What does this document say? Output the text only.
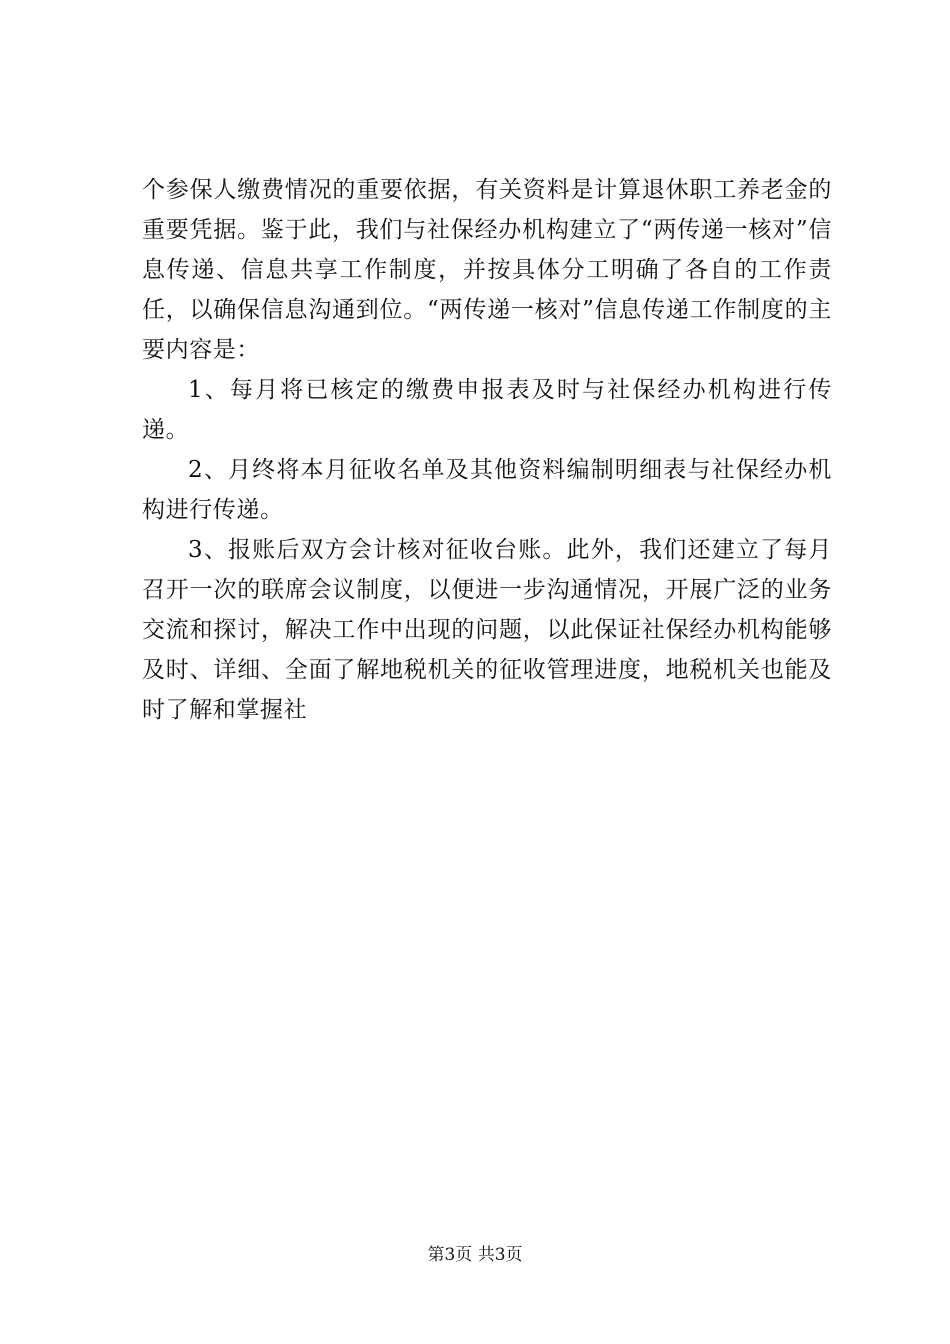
个参保人缴费情况的重要依据，有关资料是计算退休职工养老金的重要凭据。鉴于此，我们与社保经办机构建立了“两传递一核对”信息传递、信息共享工作制度，并按具体分工明确了各自的工作责任，以确保信息沟通到位。“两传递一核对”信息传递工作制度的主要内容是：

1、每月将已核定的缴费申报表及时与社保经办机构进行传递。

2、月终将本月征收名单及其他资料编制明细表与社保经办机构进行传递。

3、报账后双方会计核对征收台账。此外，我们还建立了每月召开一次的联席会议制度，以便进一步沟通情况，开展广泛的业务交流和探讨，解决工作中出现的问题，以此保证社保经办机构能够及时、详细、全面了解地税机关的征收管理进度，地税机关也能及时了解和掌握社

第3页 共3页
